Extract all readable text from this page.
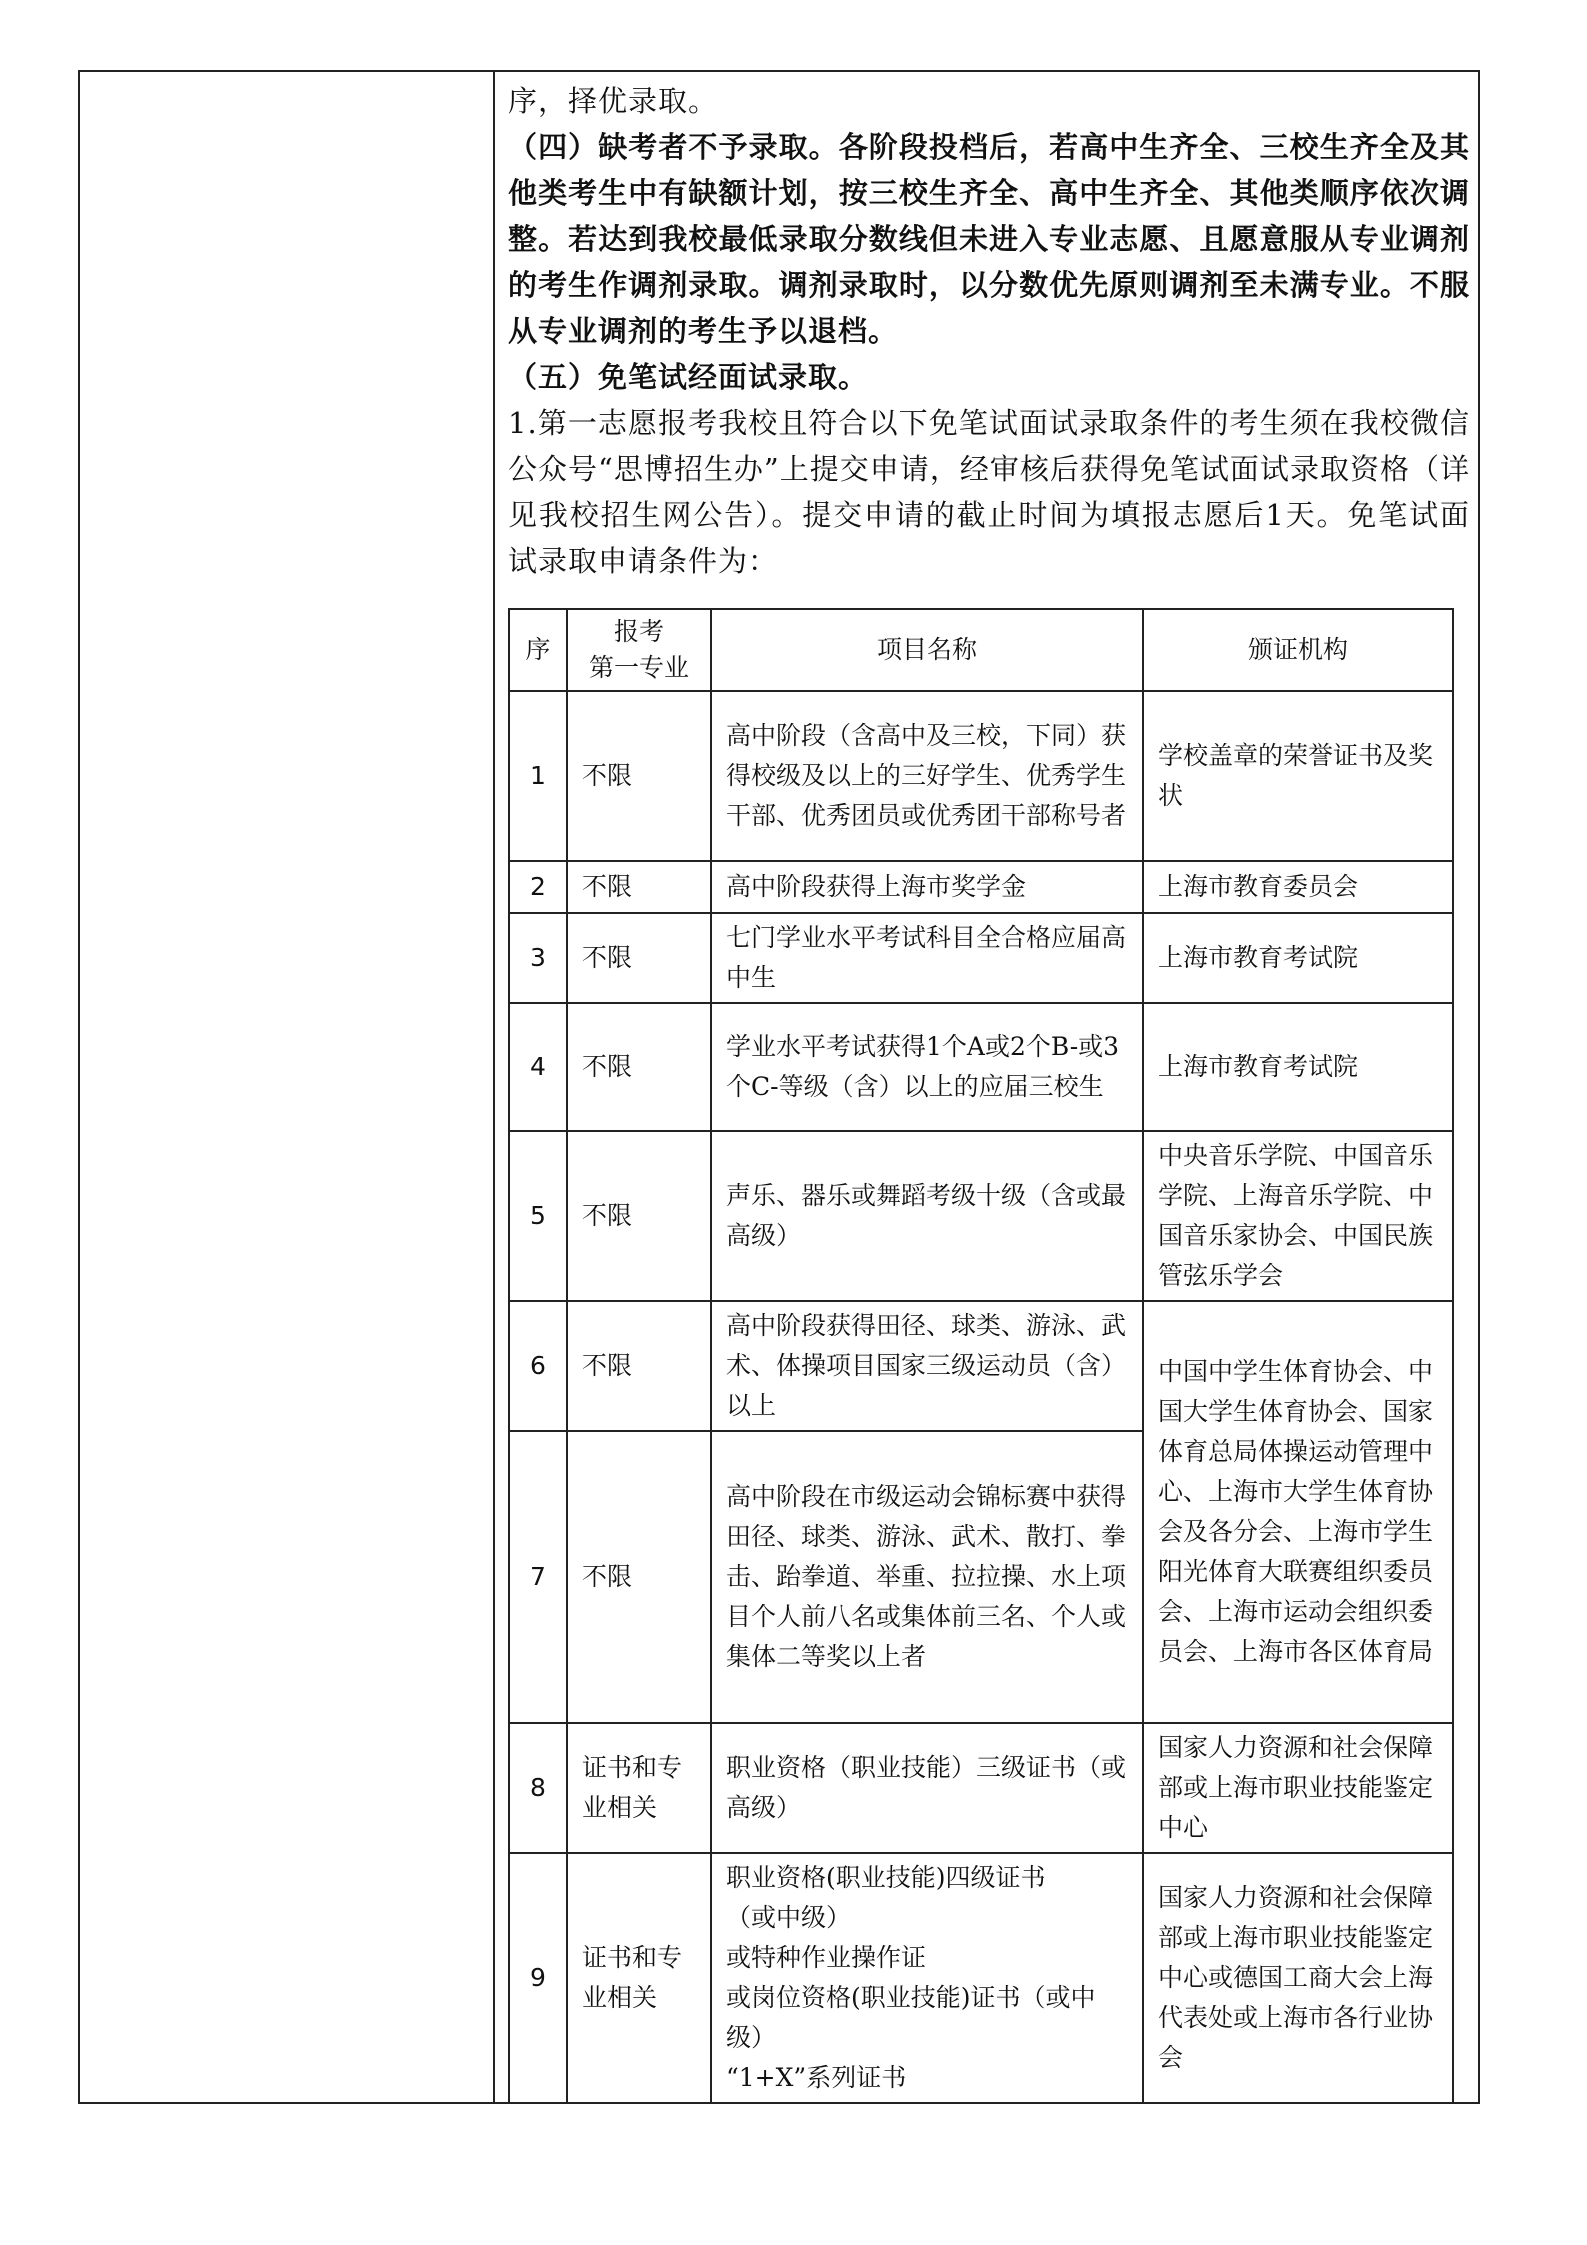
序，择优录取。

（四）缺考者不予录取。各阶段投档后，若高中生齐全、三校生齐全及其他类考生中有缺额计划，按三校生齐全、高中生齐全、其他类顺序依次调整。若达到我校最低录取分数线但未进入专业志愿、且愿意服从专业调剂的考生作调剂录取。调剂录取时，以分数优先原则调剂至未满专业。不服从专业调剂的考生予以退档。

（五）免笔试经面试录取。

1.第一志愿报考我校且符合以下免笔试面试录取条件的考生须在我校微信公众号“思博招生办”上提交申请，经审核后获得免笔试面试录取资格（详见我校招生网公告）。提交申请的截止时间为填报志愿后1天。免笔试面试录取申请条件为：

序	报考
第一专业	项目名称	颁证机构
1	不限	高中阶段（含高中及三校，下同）获得校级及以上的三好学生、优秀学生干部、优秀团员或优秀团干部称号者	学校盖章的荣誉证书及奖状
2	不限	高中阶段获得上海市奖学金	上海市教育委员会
3	不限	七门学业水平考试科目全合格应届高中生	上海市教育考试院
4	不限	学业水平考试获得1个A或2个B-或3个C-等级（含）以上的应届三校生	上海市教育考试院
5	不限	声乐、器乐或舞蹈考级十级（含或最高级）	中央音乐学院、中国音乐学院、上海音乐学院、中国音乐家协会、中国民族管弦乐学会
6	不限	高中阶段获得田径、球类、游泳、武术、体操项目国家三级运动员（含）以上	中国中学生体育协会、中国大学生体育协会、国家体育总局体操运动管理中心、上海市大学生体育协会及各分会、上海市学生阳光体育大联赛组织委员会、上海市运动会组织委员会、上海市各区体育局
7	不限	高中阶段在市级运动会锦标赛中获得田径、球类、游泳、武术、散打、拳击、跆拳道、举重、拉拉操、水上项目个人前八名或集体前三名、个人或集体二等奖以上者	
8	证书和专业相关	职业资格（职业技能）三级证书（或高级）	国家人力资源和社会保障部或上海市职业技能鉴定中心
9	证书和专业相关	职业资格(职业技能)四级证书
（或中级）
或特种作业操作证
或岗位资格(职业技能)证书（或中级）
“1+X”系列证书	国家人力资源和社会保障部或上海市职业技能鉴定中心或德国工商大会上海代表处或上海市各行业协会
